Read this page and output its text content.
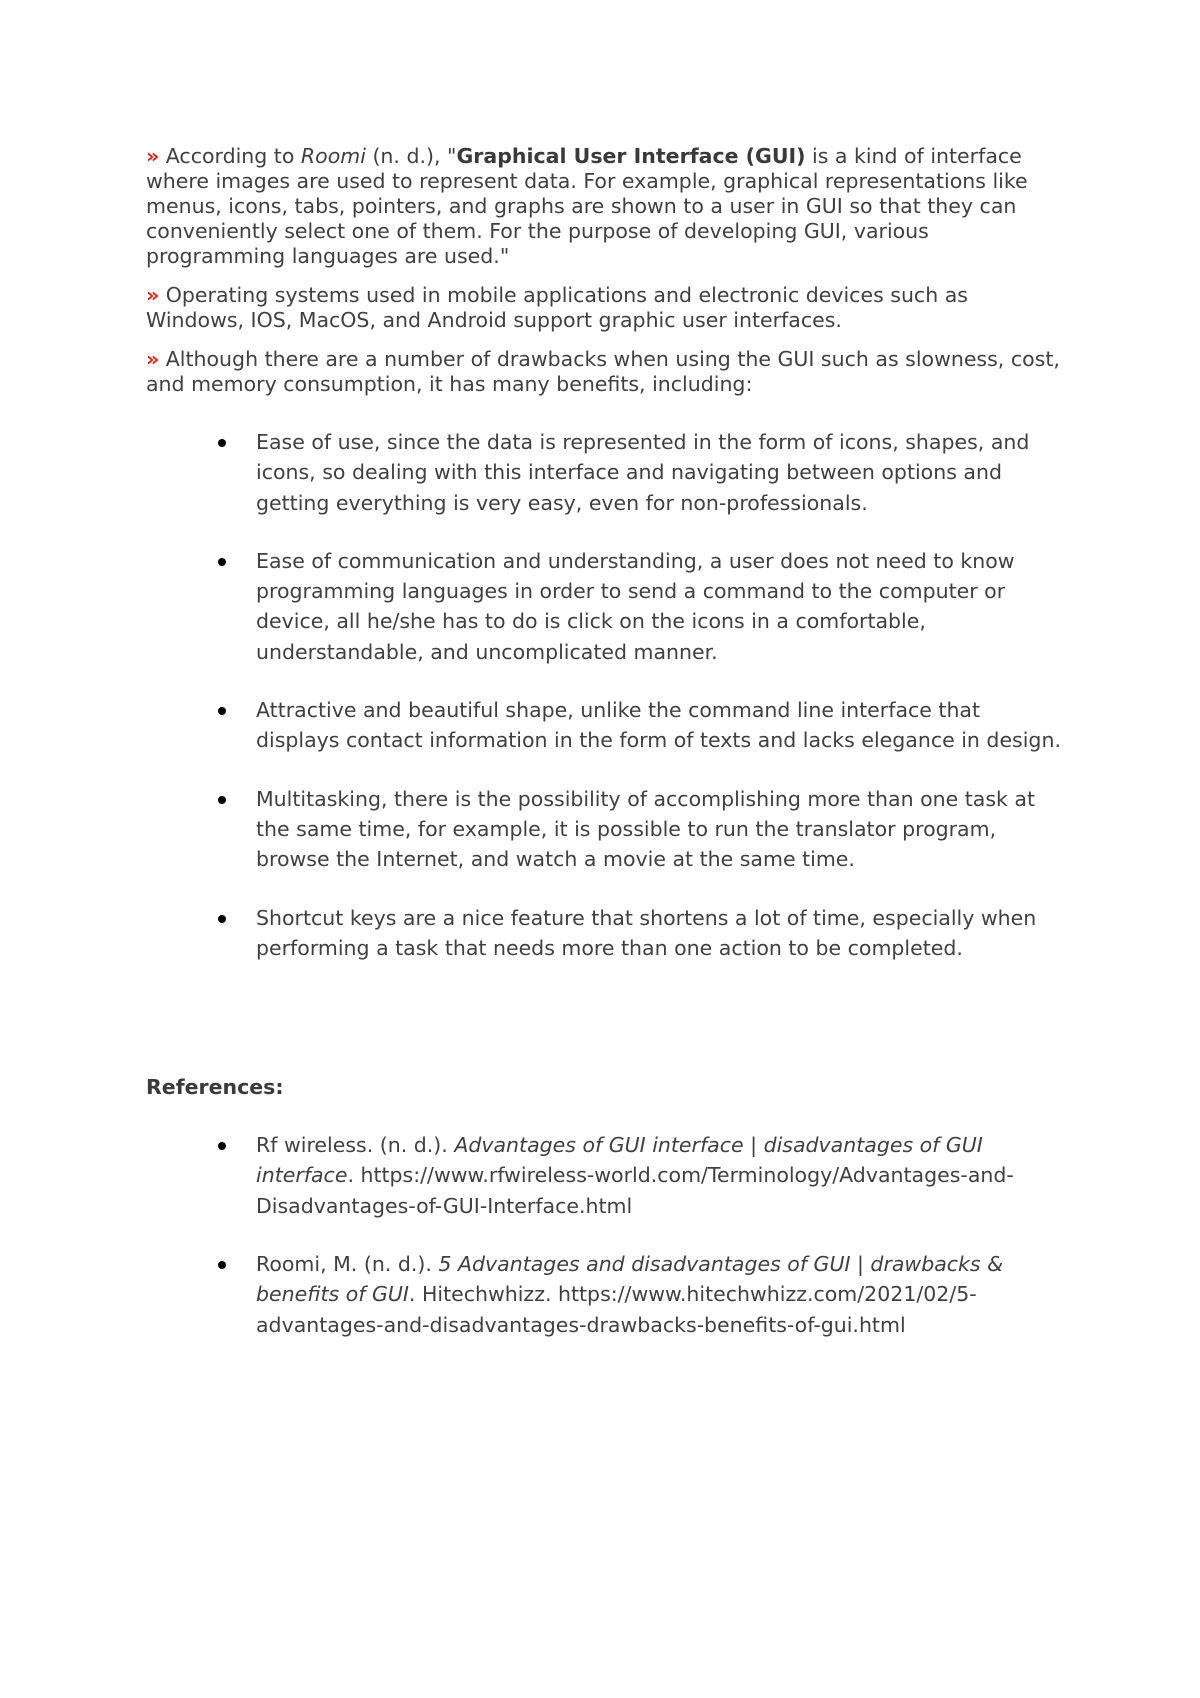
» According to Roomi (n. d.), "Graphical User Interface (GUI) is a kind of interface where images are used to represent data. For example, graphical representations like menus, icons, tabs, pointers, and graphs are shown to a user in GUI so that they can conveniently select one of them. For the purpose of developing GUI, various programming languages are used."

» Operating systems used in mobile applications and electronic devices such as Windows, IOS, MacOS, and Android support graphic user interfaces.

» Although there are a number of drawbacks when using the GUI such as slowness, cost, and memory consumption, it has many benefits, including:

Ease of use, since the data is represented in the form of icons, shapes, and icons, so dealing with this interface and navigating between options and getting everything is very easy, even for non-professionals.
Ease of communication and understanding, a user does not need to know programming languages in order to send a command to the computer or device, all he/she has to do is click on the icons in a comfortable, understandable, and uncomplicated manner.
Attractive and beautiful shape, unlike the command line interface that displays contact information in the form of texts and lacks elegance in design.
Multitasking, there is the possibility of accomplishing more than one task at the same time, for example, it is possible to run the translator program, browse the Internet, and watch a movie at the same time.
Shortcut keys are a nice feature that shortens a lot of time, especially when performing a task that needs more than one action to be completed.
References:
Rf wireless. (n. d.). Advantages of GUI interface | disadvantages of GUI interface. https://www.rfwireless-world.com/Terminology/Advantages-and-Disadvantages-of-GUI-Interface.html
Roomi, M. (n. d.). 5 Advantages and disadvantages of GUI | drawbacks & benefits of GUI. Hitechwhizz. https://www.hitechwhizz.com/2021/02/5-advantages-and-disadvantages-drawbacks-benefits-of-gui.html
